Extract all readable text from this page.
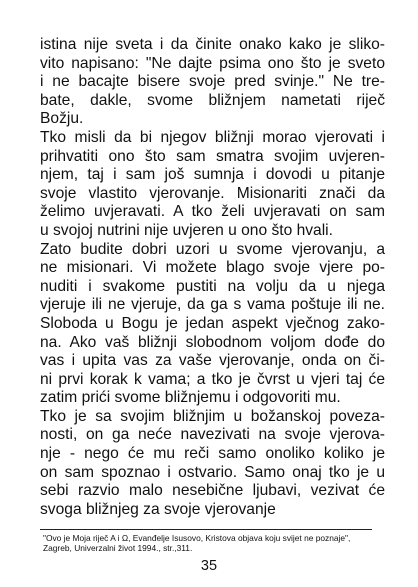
istina nije sveta i da činite onako kako je sliko-
vito napisano: "Ne dajte psima ono što je sveto
i ne bacajte bisere svoje pred svinje." Ne tre-
bate, dakle, svome bližnjem nametati riječ
Božju.

Tko misli da bi njegov bližnji morao vjerovati i
prihvatiti ono što sam smatra svojim uvjeren-
njem, taj i sam još sumnja i dovodi u pitanje
svoje vlastito vjerovanje. Misionariti znači da
želimo uvjeravati. A tko želi uvjeravati on sam
u svojoj nutrini nije uvjeren u ono što hvali.

Zato budite dobri uzori u svome vjerovanju, a
ne misionari. Vi možete blago svoje vjere po-
nuditi i svakome pustiti na volju da u njega
vjeruje ili ne vjeruje, da ga s vama poštuje ili ne.
Sloboda u Bogu je jedan aspekt vječnog zako-
na. Ako vaš bližnji slobodnom voljom dođe do
vas i upita vas za vaše vjerovanje, onda on či-
ni prvi korak k vama; a tko je čvrst u vjeri taj će
zatim prići svome bližnjemu i odgovoriti mu.

Tko je sa svojim bližnjim u božanskoj poveza-
nosti, on ga neće navezivati na svoje vjerova-
nje - nego će mu reči samo onoliko koliko je
on sam spoznao i ostvario. Samo onaj tko je u
sebi razvio malo nesebične ljubavi, vezivat će
svoga bližnjeg za svoje vjerovanje

"Ovo je Moja riječ A i Ω, Evanđelje Isusovo, Kristova objava koju svijet ne poznaje",
Zagreb, Univerzalni život 1994., str.,311.
35
